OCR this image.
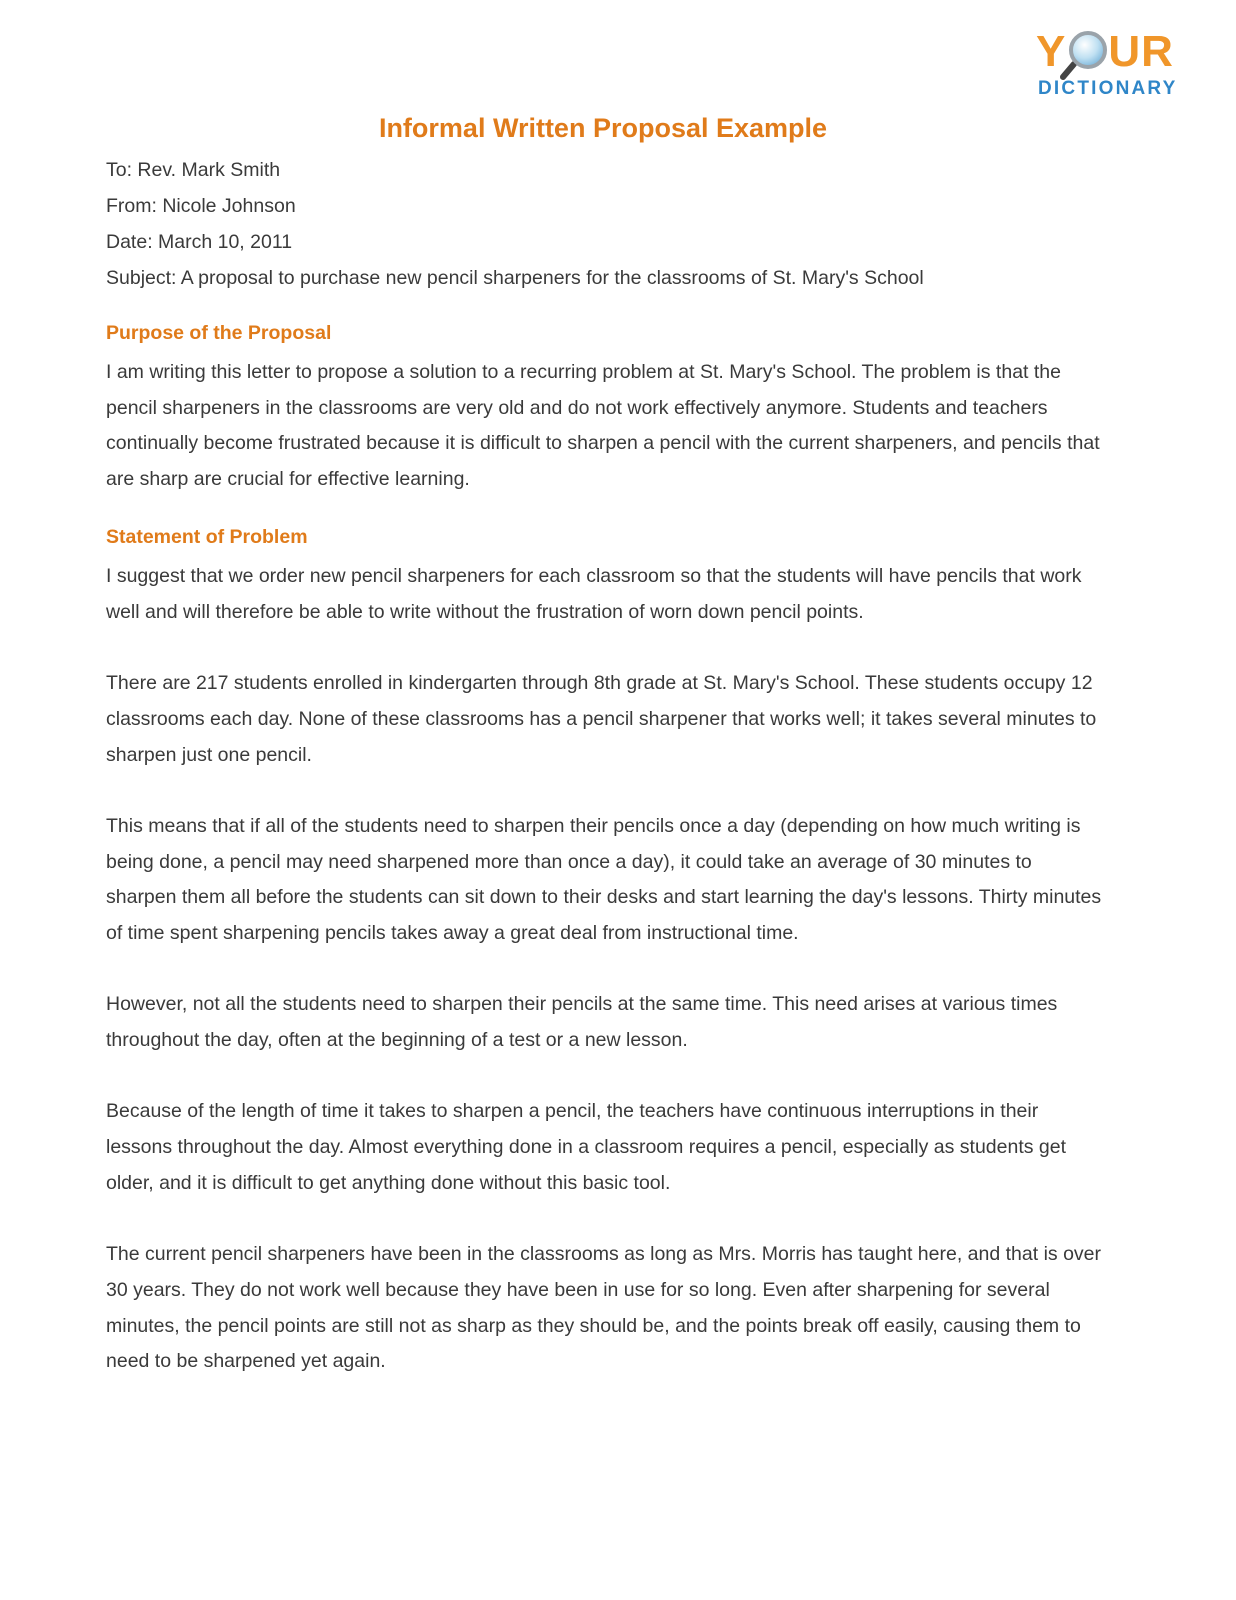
Y UR
DICTIONARY
Informal Written Proposal Example
To: Rev. Mark Smith
From: Nicole Johnson
Date: March 10, 2011
Subject: A proposal to purchase new pencil sharpeners for the classrooms of St. Mary's School
Purpose of the Proposal

I am writing this letter to propose a solution to a recurring problem at St. Mary's School. The problem is that the pencil sharpeners in the classrooms are very old and do not work effectively anymore. Students and teachers continually become frustrated because it is difficult to sharpen a pencil with the current sharpeners, and pencils that are sharp are crucial for effective learning.

Statement of Problem

I suggest that we order new pencil sharpeners for each classroom so that the students will have pencils that work well and will therefore be able to write without the frustration of worn down pencil points.

There are 217 students enrolled in kindergarten through 8th grade at St. Mary's School. These students occupy 12 classrooms each day. None of these classrooms has a pencil sharpener that works well; it takes several minutes to sharpen just one pencil.

This means that if all of the students need to sharpen their pencils once a day (depending on how much writing is being done, a pencil may need sharpened more than once a day), it could take an average of 30 minutes to sharpen them all before the students can sit down to their desks and start learning the day's lessons. Thirty minutes of time spent sharpening pencils takes away a great deal from instructional time.

However, not all the students need to sharpen their pencils at the same time. This need arises at various times throughout the day, often at the beginning of a test or a new lesson.

Because of the length of time it takes to sharpen a pencil, the teachers have continuous interruptions in their lessons throughout the day. Almost everything done in a classroom requires a pencil, especially as students get older, and it is difficult to get anything done without this basic tool.

The current pencil sharpeners have been in the classrooms as long as Mrs. Morris has taught here, and that is over 30 years. They do not work well because they have been in use for so long. Even after sharpening for several minutes, the pencil points are still not as sharp as they should be, and the points break off easily, causing them to need to be sharpened yet again.
